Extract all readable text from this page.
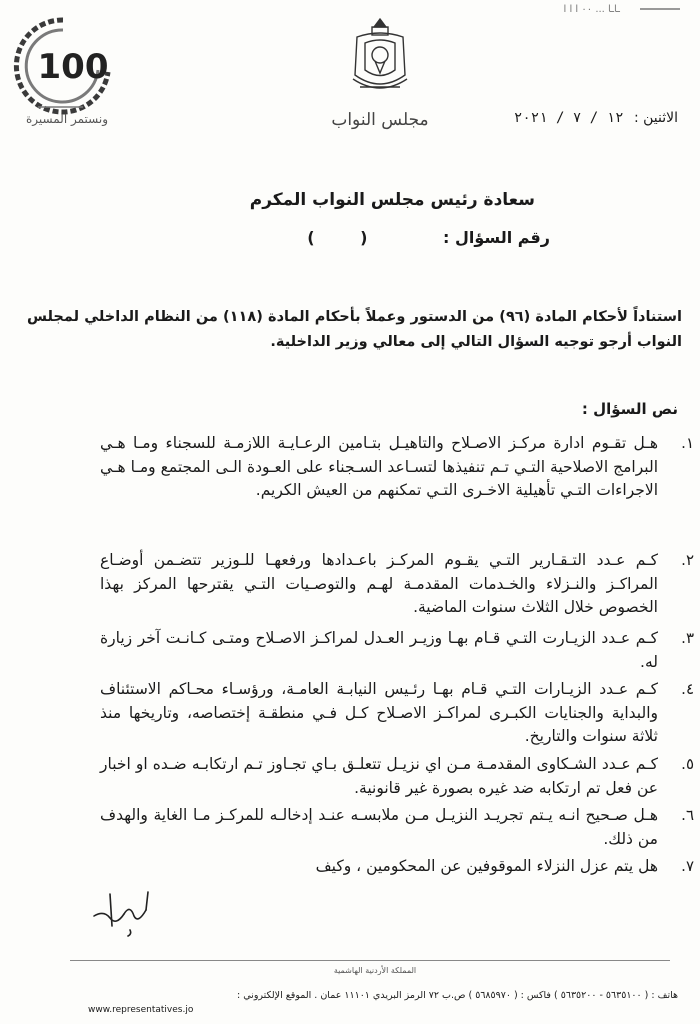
ـاـا ... ٠٠ ا ا ا
100
ونستمر المسيرة	مجلس النواب	الاثنين : ١٢ / ٧ / ٢٠٢١
سعادة رئيس مجلس النواب المكرم
رقم السؤال : ( )
استناداً لأحكام المادة (٩٦) من الدستور وعملاً بأحكام المادة (١١٨) من النظام الداخلي لمجلس النواب أرجو توجيه السؤال التالي إلى معالي وزير الداخلية.
نص السؤال :
١.
هـل تقـوم ادارة مركـز الاصـلاح والتاهيـل بتـامين الرعـايـة اللازمـة للسجناء ومـا هـي البرامج الاصلاحية التـي تـم تنفيذها لتسـاعد السـجناء على العـودة الـى المجتمع ومـا هـي الاجراءات التـي تأهيلية الاخـرى التـي تمكنهم من العيش الكريم.
٢.
كـم عـدد التـقـارير التـي يقـوم المركـز باعـدادها ورفعهـا للـوزير تتضـمن أوضـاع المراكـز والنـزلاء والخـدمات المقدمـة لهـم والتوصـيات التـي يقترحها المركز بهذا الخصوص خلال الثلاث سنوات الماضية.
٣.
كـم عـدد الزيـارت التـي قـام بهـا وزيـر العـدل لمراكـز الاصـلاح ومتـى كـانـت آخر زيارة له.
٤.
كـم عـدد الزيـارات التـي قـام بهـا رئـيس النيابـة العامـة، ورؤسـاء محـاكم الاستئناف والبداية والجنايات الكبـرى لمراكـز الاصـلاح كـل فـي منطقـة إختصاصه، وتاريخها منذ ثلاثة سنوات والتاريخ.
٥.
كـم عـدد الشـكاوى المقدمـة مـن اي نزيـل تتعلـق بـاي تجـاوز تـم ارتكابـه ضـده او اخبار عن فعل تم ارتكابه ضد غيره بصورة غير قانونية.
٦.
هـل صـحيح انـه يـتم تجريـد النزيـل مـن ملابسـه عنـد إدخالـه للمركـز مـا الغاية والهدف من ذلك.
٧.
هل يتم عزل النزلاء الموقوفين عن المحكومين ، وكيف
المملكة الأردنية الهاشمية
هاتف : ( ٥٦٣٥١٠٠ - ٥٦٣٥٢٠٠ ) فاكس : ( ٥٦٨٥٩٧٠ ) ص.ب ٧٢ الرمز البريدي ١١١٠١ عمان . الموقع الإلكتروني :
www.representatives.jo
